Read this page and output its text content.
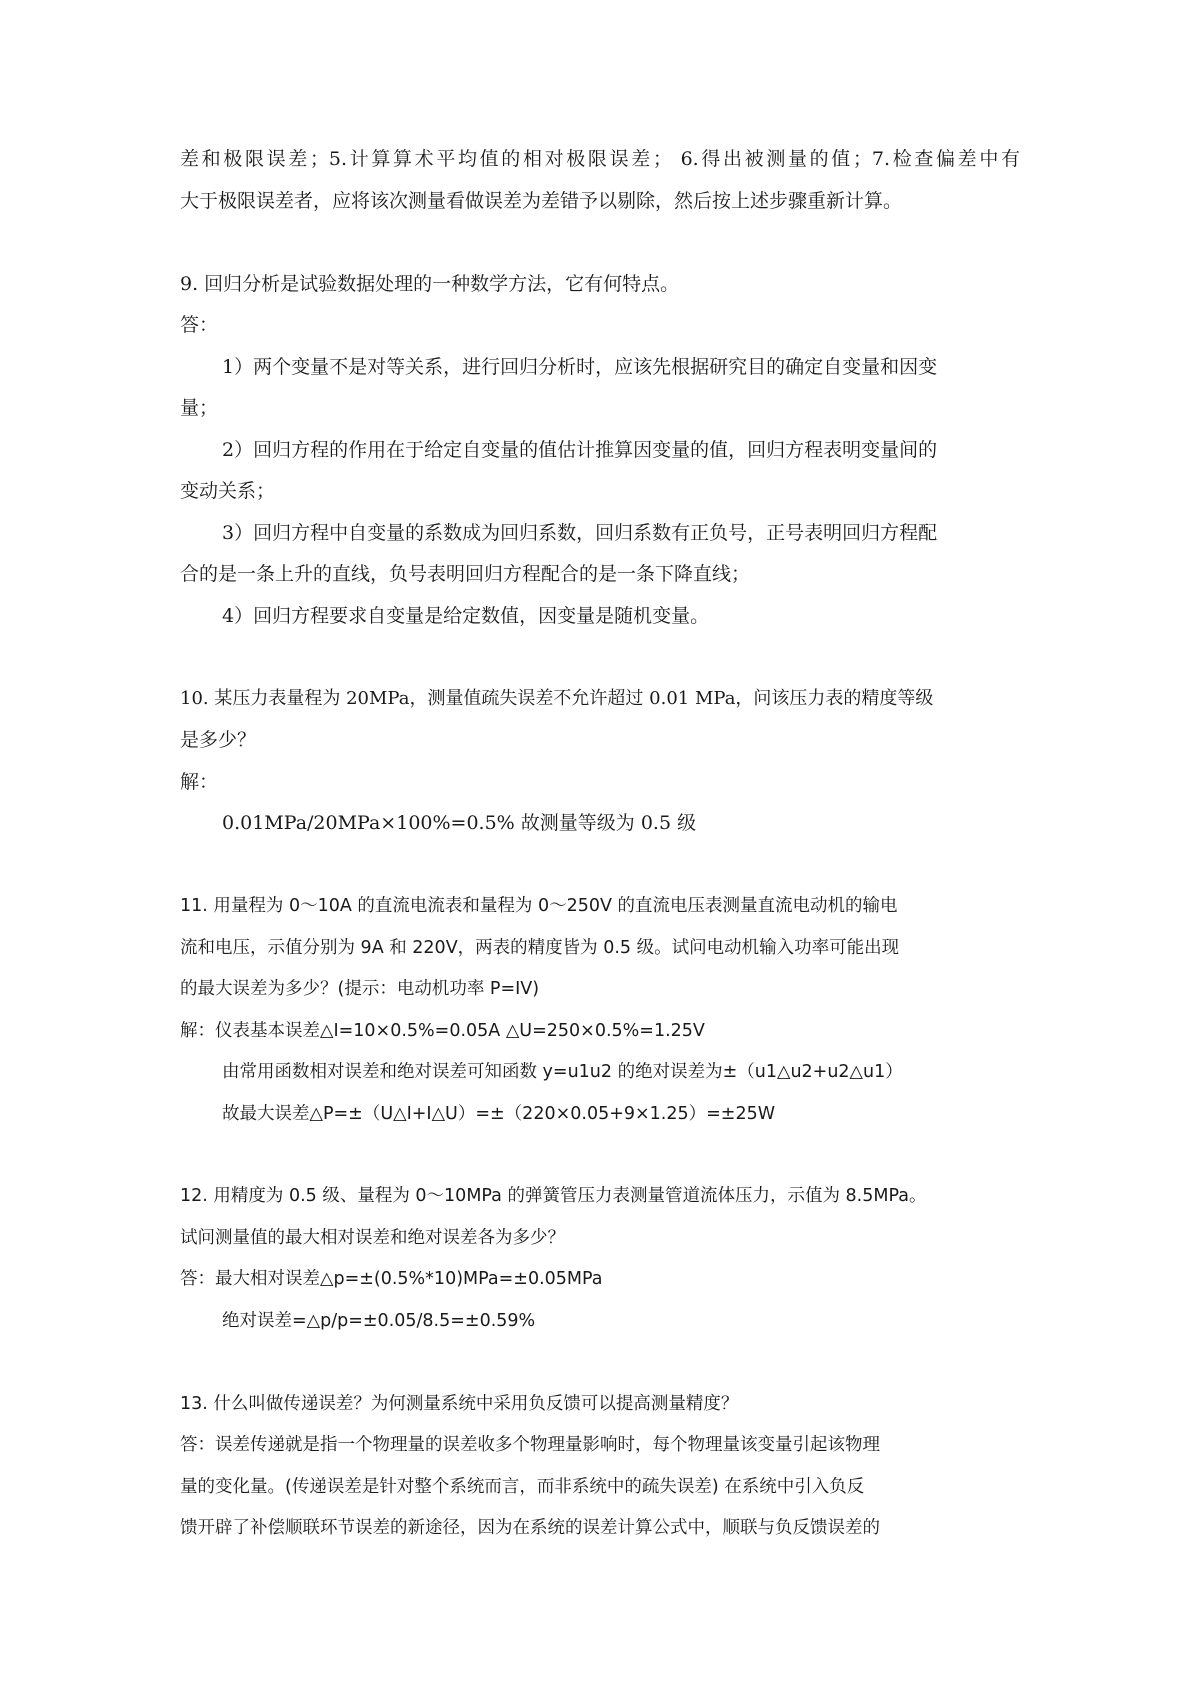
差和极限误差；5.计算算术平均值的相对极限误差； 6.得出被测量的值；7.检查偏差中有
大于极限误差者，应将该次测量看做误差为差错予以剔除，然后按上述步骤重新计算。
9. 回归分析是试验数据处理的一种数学方法，它有何特点。
答：
1）两个变量不是对等关系，进行回归分析时，应该先根据研究目的确定自变量和因变
量；
2）回归方程的作用在于给定自变量的值估计推算因变量的值，回归方程表明变量间的
变动关系；
3）回归方程中自变量的系数成为回归系数，回归系数有正负号，正号表明回归方程配
合的是一条上升的直线，负号表明回归方程配合的是一条下降直线；
4）回归方程要求自变量是给定数值，因变量是随机变量。
10. 某压力表量程为 20MPa，测量值疏失误差不允许超过 0.01 MPa，问该压力表的精度等级
是多少？
解：
0.01MPa/20MPa×100%=0.5% 故测量等级为 0.5 级
11. 用量程为 0～10A 的直流电流表和量程为 0～250V 的直流电压表测量直流电动机的输电
流和电压，示值分别为 9A 和 220V，两表的精度皆为 0.5 级。试问电动机输入功率可能出现
的最大误差为多少？(提示：电动机功率 P=IV)
解：仪表基本误差△I=10×0.5%=0.05A △U=250×0.5%=1.25V
由常用函数相对误差和绝对误差可知函数 y=u1u2 的绝对误差为±（u1△u2+u2△u1）
故最大误差△P=±（U△I+I△U）=±（220×0.05+9×1.25）=±25W
12. 用精度为 0.5 级、量程为 0～10MPa 的弹簧管压力表测量管道流体压力，示值为 8.5MPa。
试问测量值的最大相对误差和绝对误差各为多少？
答：最大相对误差△p=±(0.5%*10)MPa=±0.05MPa
绝对误差=△p/p=±0.05/8.5=±0.59%
13. 什么叫做传递误差？为何测量系统中采用负反馈可以提高测量精度？
答：误差传递就是指一个物理量的误差收多个物理量影响时，每个物理量该变量引起该物理
量的变化量。(传递误差是针对整个系统而言，而非系统中的疏失误差) 在系统中引入负反
馈开辟了补偿顺联环节误差的新途径，因为在系统的误差计算公式中，顺联与负反馈误差的
